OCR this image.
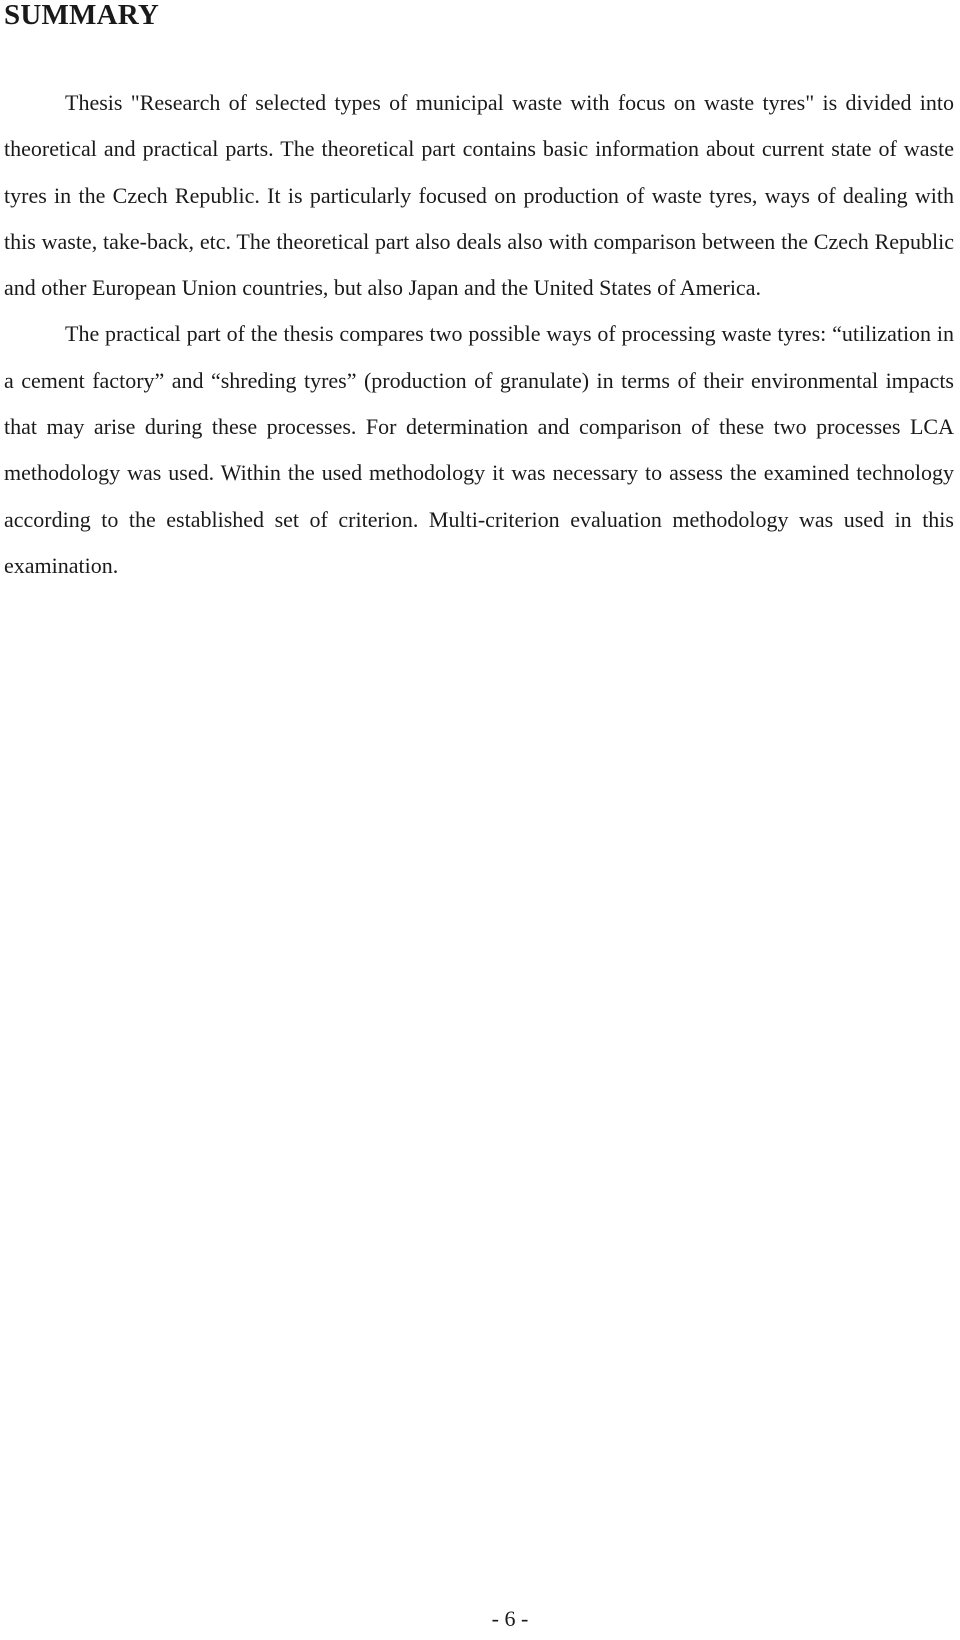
SUMMARY

Thesis "Research of selected types of municipal waste with focus on waste tyres" is divided into theoretical and practical parts. The theoretical part contains basic information about current state of waste tyres in the Czech Republic. It is particularly focused on production of waste tyres, ways of dealing with this waste, take-back, etc. The theoretical part also deals also with comparison between the Czech Republic and other European Union countries, but also Japan and the United States of America.

The practical part of the thesis compares two possible ways of processing waste tyres: “utilization in a cement factory” and “shreding tyres” (production of granulate) in terms of their environmental impacts that may arise during these processes. For determination and comparison of these two processes LCA methodology was used. Within the used methodology it was necessary to assess the examined technology according to the established set of criterion. Multi-criterion evaluation methodology was used in this examination.

- 6 -
